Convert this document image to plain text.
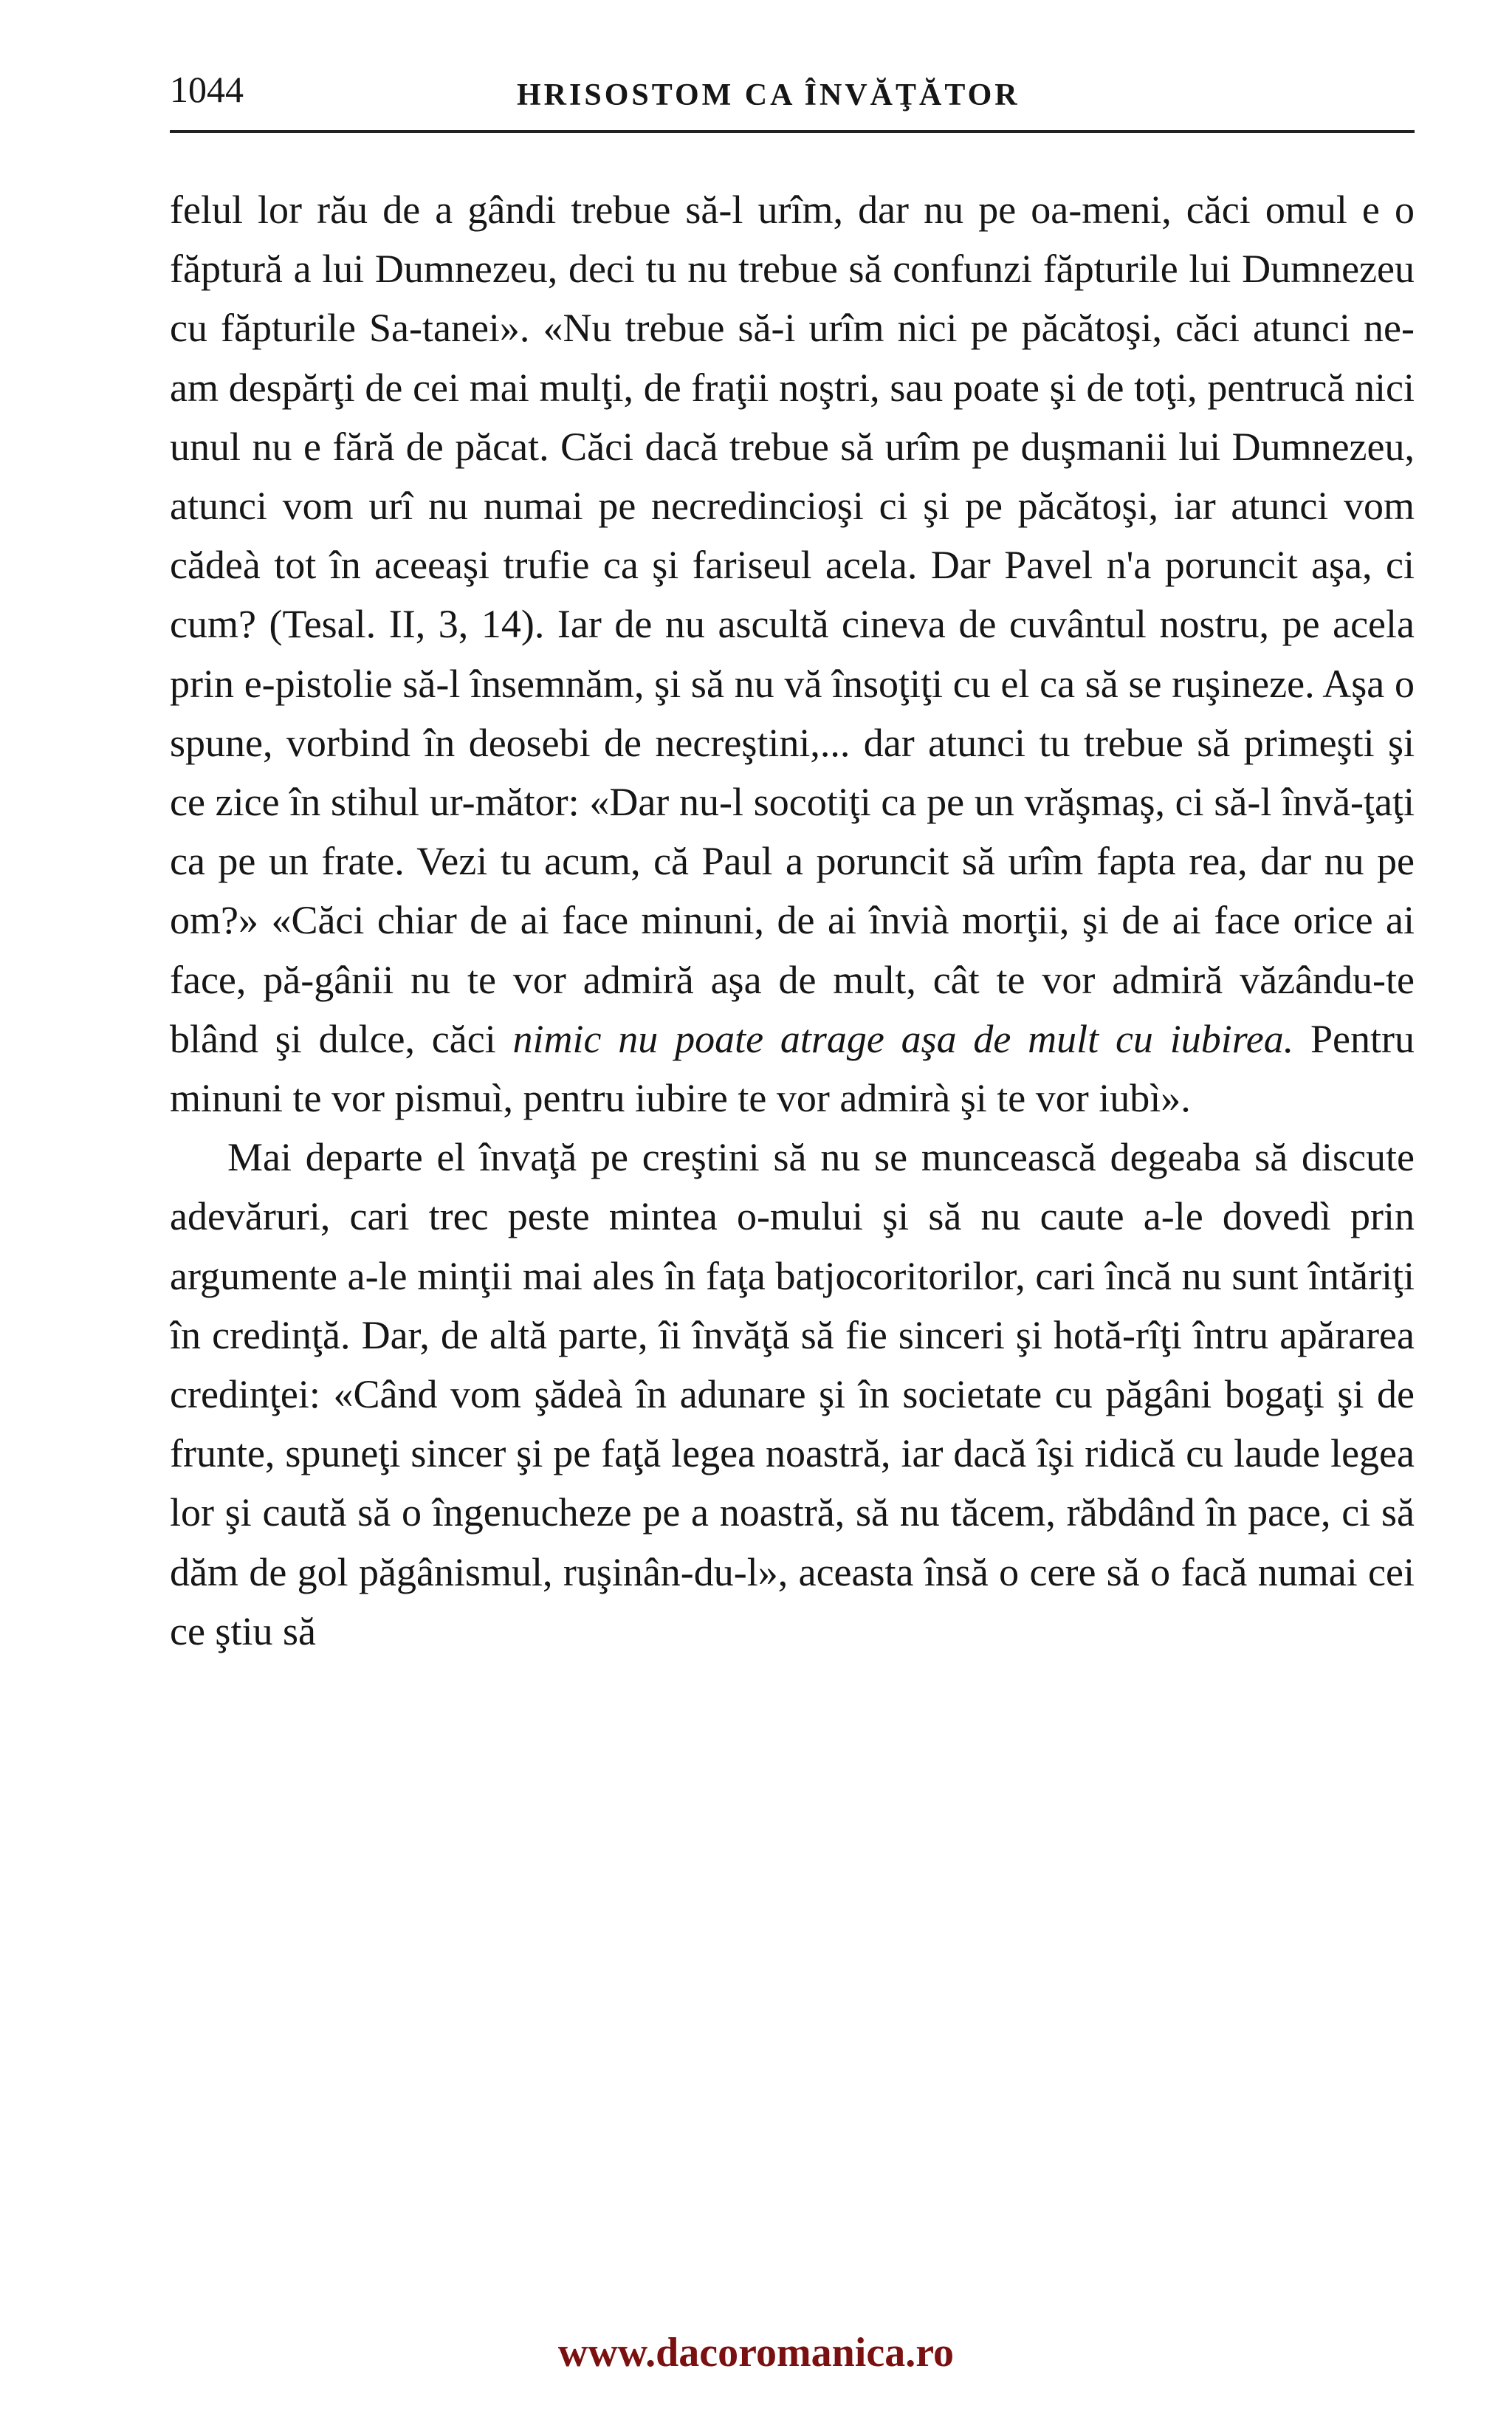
1044	HRISOSTOM CA ÎNVĂŢĂTOR

felul lor rău de a gândi trebue să-l urîm, dar nu pe oa-meni, căci omul e o făptură a lui Dumnezeu, deci tu nu trebue să confunzi făpturile lui Dumnezeu cu făpturile Sa-tanei». «Nu trebue să-i urîm nici pe păcătoşi, căci atunci ne-am despărţi de cei mai mulţi, de fraţii noştri, sau poate şi de toţi, pentrucă nici unul nu e fără de păcat. Căci dacă trebue să urîm pe duşmanii lui Dumnezeu, atunci vom urî nu numai pe necredincioşi ci şi pe păcătoşi, iar atunci vom cădeà tot în aceeaşi trufie ca şi fariseul acela. Dar Pavel n'a poruncit aşa, ci cum? (Tesal. II, 3, 14). Iar de nu ascultă cineva de cuvântul nostru, pe acela prin e-pistolie să-l însemnăm, şi să nu vă însoţiţi cu el ca să se ruşineze. Aşa o spune, vorbind în deosebi de necreştini,... dar atunci tu trebue să primeşti şi ce zice în stihul ur-mător: «Dar nu-l socotiţi ca pe un vrăşmaş, ci să-l învă-ţaţi ca pe un frate. Vezi tu acum, că Paul a poruncit să urîm fapta rea, dar nu pe om?» «Căci chiar de ai face minuni, de ai învià morţii, şi de ai face orice ai face, pă-gânii nu te vor admiră aşa de mult, cât te vor admiră văzându-te blând şi dulce, căci nimic nu poate atrage aşa de mult cu iubirea. Pentru minuni te vor pismuì, pentru iubire te vor admirà şi te vor iubì».

Mai departe el învaţă pe creştini să nu se muncească degeaba să discute adevăruri, cari trec peste mintea o-mului şi să nu caute a-le dovedì prin argumente a-le minţii mai ales în faţa batjocoritorilor, cari încă nu sunt întăriţi în credinţă. Dar, de altă parte, îi învăţă să fie sinceri şi hotă-rîţi întru apărarea credinţei: «Când vom şădeà în adunare şi în societate cu păgâni bogaţi şi de frunte, spuneţi sincer şi pe faţă legea noastră, iar dacă îşi ridică cu laude legea lor şi caută să o îngenucheze pe a noastră, să nu tăcem, răbdând în pace, ci să dăm de gol păgânismul, ruşinân-du-l», aceasta însă o cere să o facă numai cei ce ştiu să

www.dacoromanica.ro
